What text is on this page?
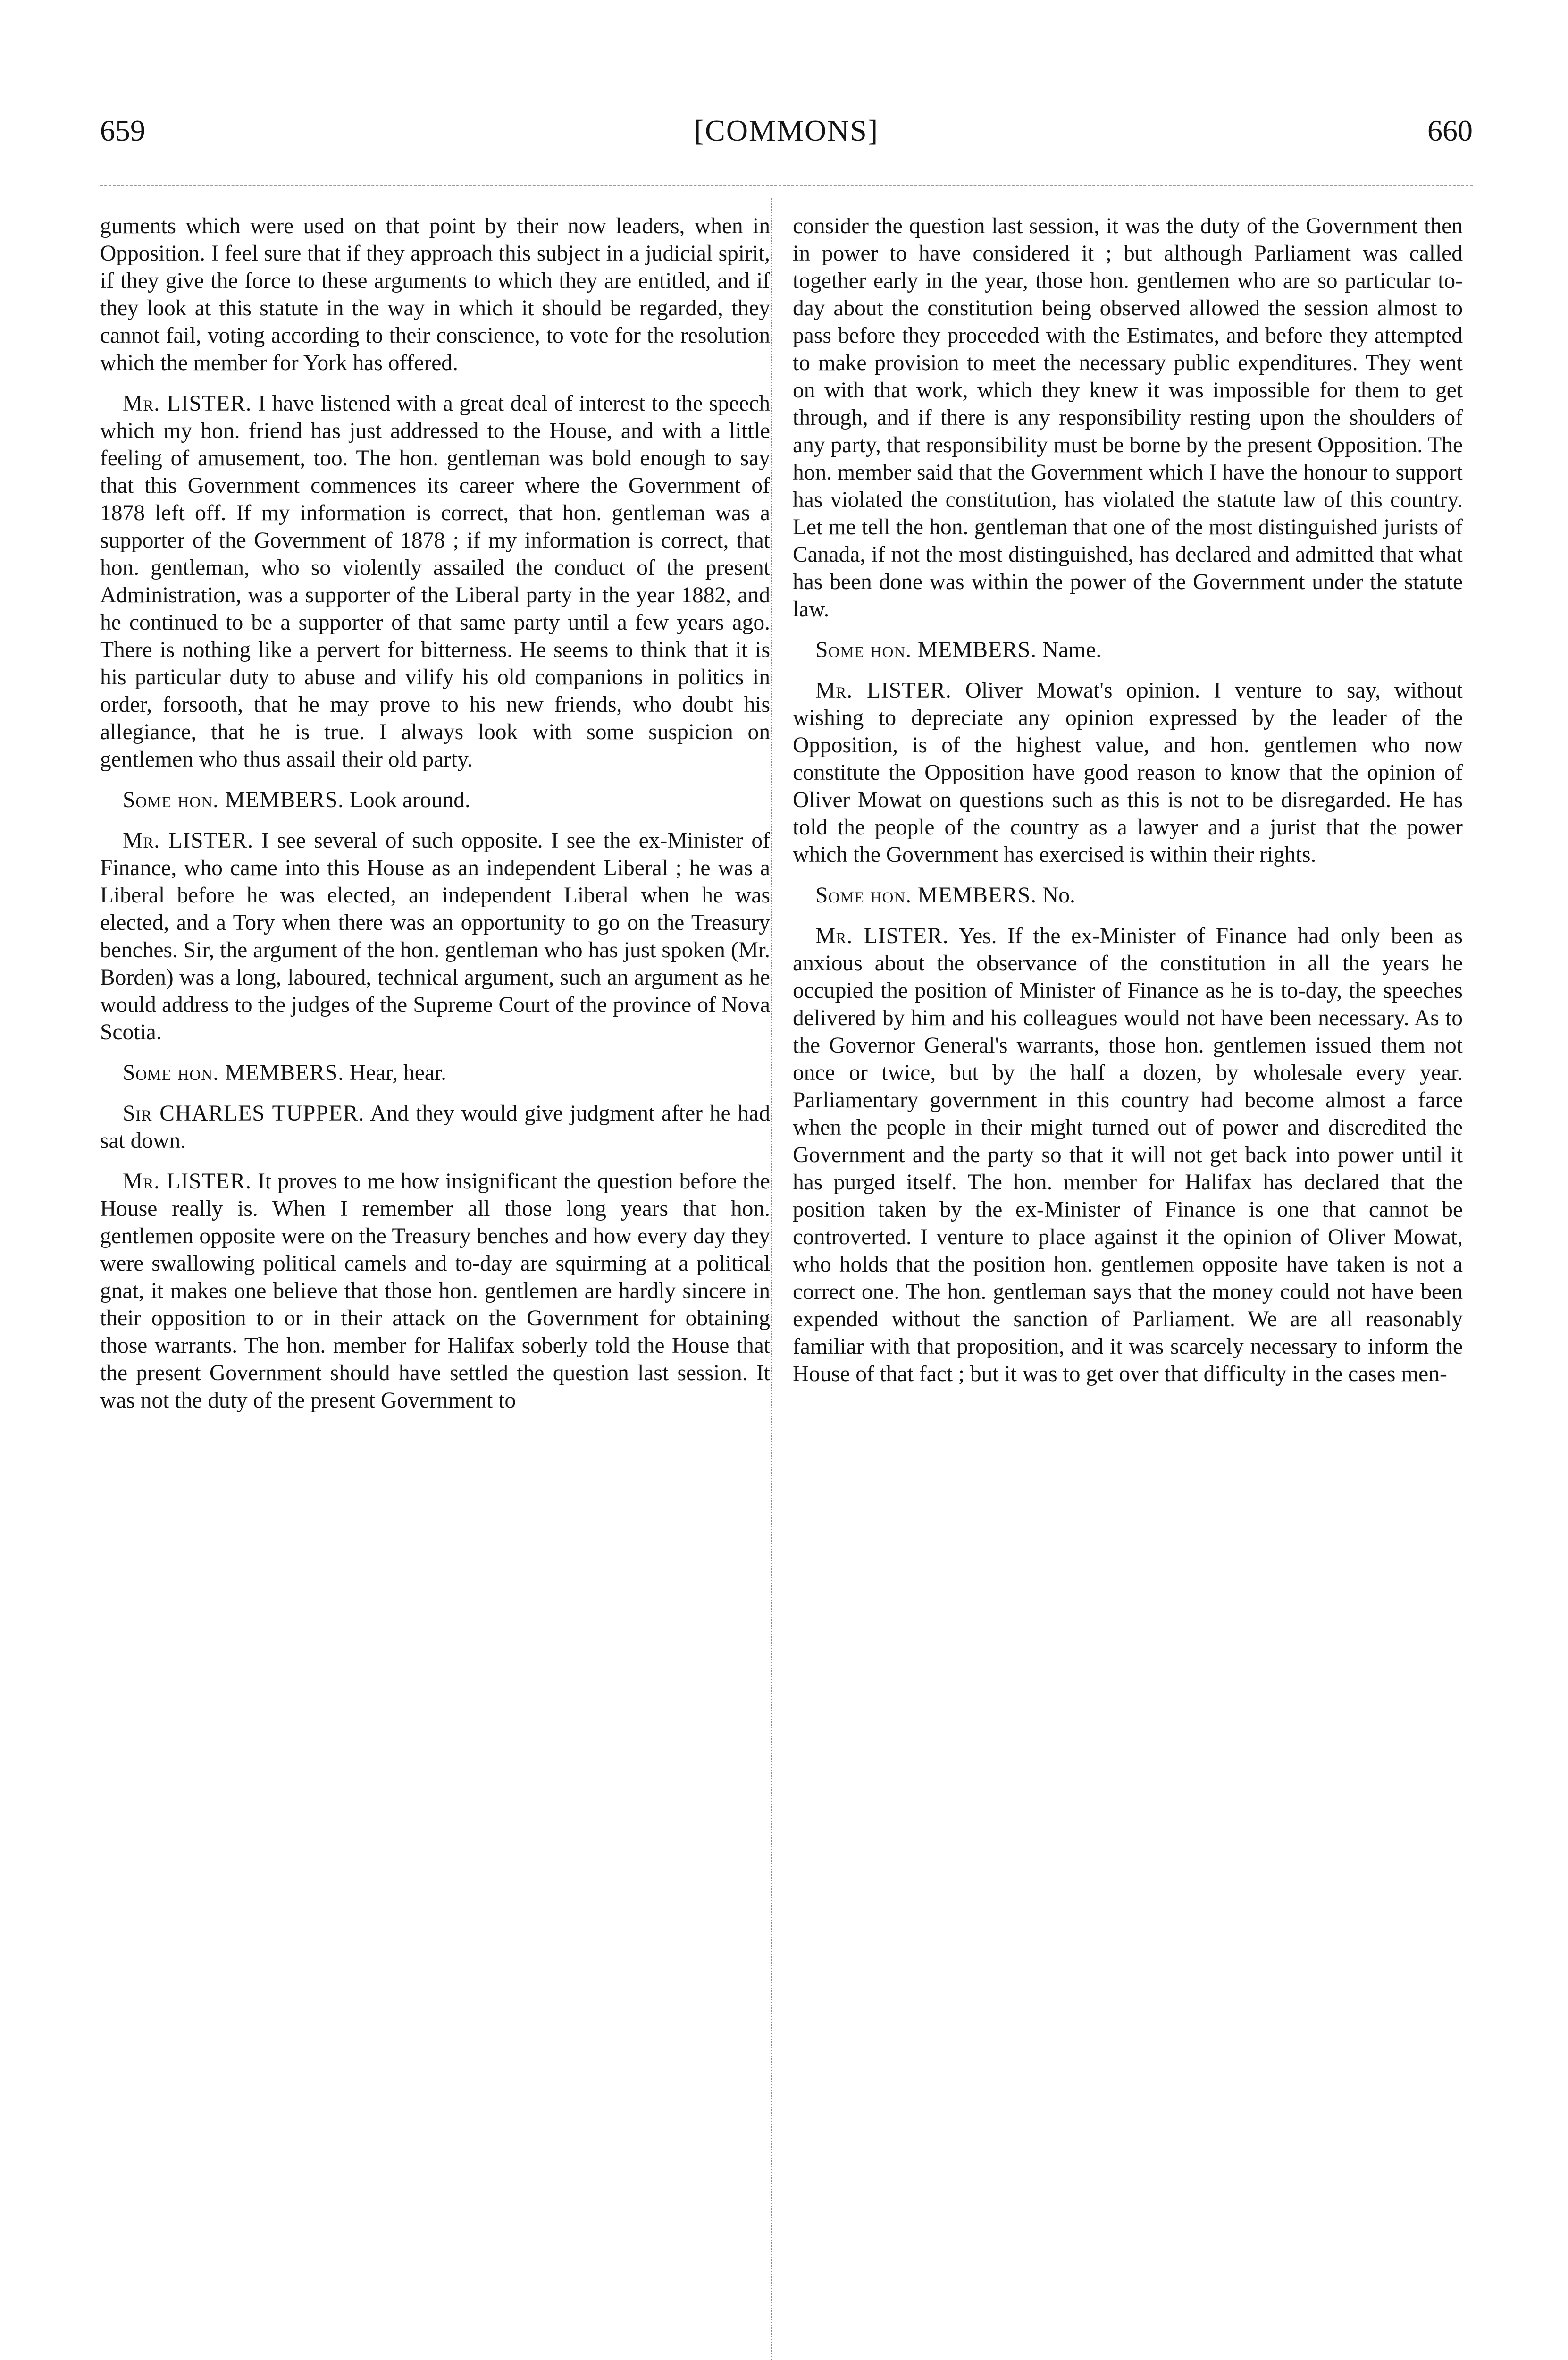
659	[COMMONS]	660

guments which were used on that point by their now leaders, when in Opposition. I feel sure that if they approach this subject in a judicial spirit, if they give the force to these arguments to which they are entitled, and if they look at this statute in the way in which it should be regarded, they cannot fail, voting according to their conscience, to vote for the resolution which the member for York has offered.

Mr. LISTER. I have listened with a great deal of interest to the speech which my hon. friend has just addressed to the House, and with a little feeling of amusement, too. The hon. gentleman was bold enough to say that this Government commences its career where the Government of 1878 left off. If my information is correct, that hon. gentleman was a supporter of the Government of 1878 ; if my information is correct, that hon. gentleman, who so violently assailed the conduct of the present Administration, was a supporter of the Liberal party in the year 1882, and he continued to be a supporter of that same party until a few years ago. There is nothing like a pervert for bitterness. He seems to think that it is his particular duty to abuse and vilify his old companions in politics in order, forsooth, that he may prove to his new friends, who doubt his allegiance, that he is true. I always look with some suspicion on gentlemen who thus assail their old party.

Some hon. MEMBERS. Look around.

Mr. LISTER. I see several of such opposite. I see the ex-Minister of Finance, who came into this House as an independent Liberal ; he was a Liberal before he was elected, an independent Liberal when he was elected, and a Tory when there was an opportunity to go on the Treasury benches. Sir, the argument of the hon. gentleman who has just spoken (Mr. Borden) was a long, laboured, technical argument, such an argument as he would address to the judges of the Supreme Court of the province of Nova Scotia.

Some hon. MEMBERS. Hear, hear.

Sir CHARLES TUPPER. And they would give judgment after he had sat down.

Mr. LISTER. It proves to me how insignificant the question before the House really is. When I remember all those long years that hon. gentlemen opposite were on the Treasury benches and how every day they were swallowing political camels and to-day are squirming at a political gnat, it makes one believe that those hon. gentlemen are hardly sincere in their opposition to or in their attack on the Government for obtaining those warrants. The hon. member for Halifax soberly told the House that the present Government should have settled the question last session. It was not the duty of the present Government to

consider the question last session, it was the duty of the Government then in power to have considered it ; but although Parliament was called together early in the year, those hon. gentlemen who are so particular to-day about the constitution being observed allowed the session almost to pass before they proceeded with the Estimates, and before they attempted to make provision to meet the necessary public expenditures. They went on with that work, which they knew it was impossible for them to get through, and if there is any responsibility resting upon the shoulders of any party, that responsibility must be borne by the present Opposition. The hon. member said that the Government which I have the honour to support has violated the constitution, has violated the statute law of this country. Let me tell the hon. gentleman that one of the most distinguished jurists of Canada, if not the most distinguished, has declared and admitted that what has been done was within the power of the Government under the statute law.

Some hon. MEMBERS. Name.

Mr. LISTER. Oliver Mowat's opinion. I venture to say, without wishing to depreciate any opinion expressed by the leader of the Opposition, is of the highest value, and hon. gentlemen who now constitute the Opposition have good reason to know that the opinion of Oliver Mowat on questions such as this is not to be disregarded. He has told the people of the country as a lawyer and a jurist that the power which the Government has exercised is within their rights.

Some hon. MEMBERS. No.

Mr. LISTER. Yes. If the ex-Minister of Finance had only been as anxious about the observance of the constitution in all the years he occupied the position of Minister of Finance as he is to-day, the speeches delivered by him and his colleagues would not have been necessary. As to the Governor General's warrants, those hon. gentlemen issued them not once or twice, but by the half a dozen, by wholesale every year. Parliamentary government in this country had become almost a farce when the people in their might turned out of power and discredited the Government and the party so that it will not get back into power until it has purged itself. The hon. member for Halifax has declared that the position taken by the ex-Minister of Finance is one that cannot be controverted. I venture to place against it the opinion of Oliver Mowat, who holds that the position hon. gentlemen opposite have taken is not a correct one. The hon. gentleman says that the money could not have been expended without the sanction of Parliament. We are all reasonably familiar with that proposition, and it was scarcely necessary to inform the House of that fact ; but it was to get over that difficulty in the cases men-
